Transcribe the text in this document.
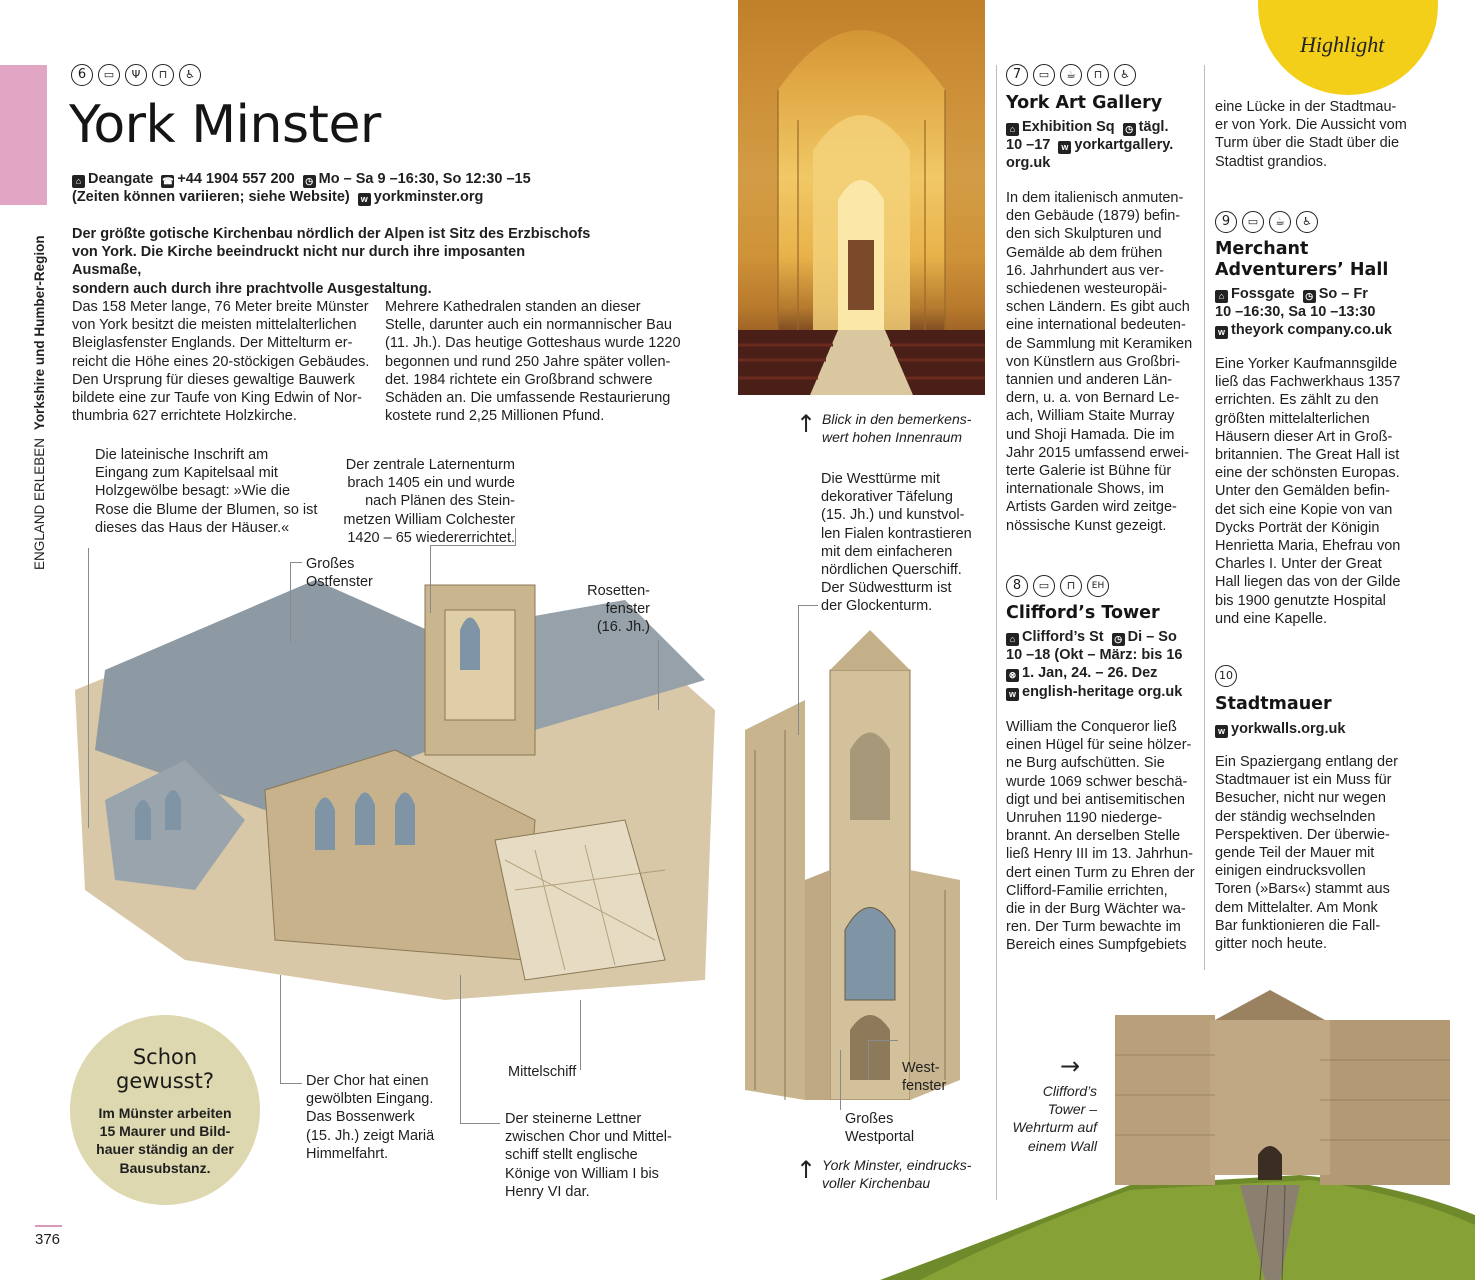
ENGLAND ERLEBEN Yorkshire und Humber-Region
376
Highlight
6	▭	Ψ	⊓	♿
York Minster
⌂ Deangate ☎ +44 1904 557 200 ◷ Mo – Sa 9 –16:30, So 12:30 –15
(Zeiten können variieren; siehe Website) w yorkminster.org
Der größte gotische Kirchenbau nördlich der Alpen ist Sitz des Erzbischofs
von York. Die Kirche beeindruckt nicht nur durch ihre imposanten Ausmaße,
sondern auch durch ihre prachtvolle Ausgestaltung.
Das 158 Meter lange, 76 Meter breite Münster
von York besitzt die meisten mittelalterlichen
Bleiglasfenster Englands. Der Mittelturm er-
reicht die Höhe eines 20-stöckigen Gebäudes.
Den Ursprung für dieses gewaltige Bauwerk
bildete eine zur Taufe von King Edwin of Nor-
thumbria 627 errichtete Holzkirche.
Mehrere Kathedralen standen an dieser
Stelle, darunter auch ein normannischer Bau
(11. Jh.). Das heutige Gotteshaus wurde 1220
begonnen und rund 250 Jahre später vollen-
det. 1984 richtete ein Großbrand schwere
Schäden an. Die umfassende Restaurierung
kostete rund 2,25 Millionen Pfund.	↑ Blick in den bemerkens-
wert hohen Innenraum
Die lateinische Inschrift am
Eingang zum Kapitelsaal mit
Holzgewölbe besagt: »Wie die
Rose die Blume der Blumen, so ist
dieses das Haus der Häuser.«
Der zentrale Laternenturm
brach 1405 ein und wurde
nach Plänen des Stein-
metzen William Colchester
1420 – 65 wiedererrichtet.
Großes
Ostfenster
Rosetten-
fenster
(16. Jh.)
Die Westtürme mit
dekorativer Täfelung
(15. Jh.) und kunstvol-
len Fialen kontrastieren
mit dem einfacheren
nördlichen Querschiff.
Der Südwestturm ist
der Glockenturm.
Der Chor hat einen
gewölbten Eingang.
Das Bossenwerk
(15. Jh.) zeigt Mariä
Himmelfahrt.
Mittelschiff
Der steinerne Lettner
zwischen Chor und Mittel-
schiff stellt englische
Könige von William I bis
Henry VI dar.
West-
fenster
Großes
Westportal
↑ York Minster, eindrucks-
voller Kirchenbau
Schon
gewusst?
Im Münster arbeiten
15 Maurer und Bild-
hauer ständig an der
Bausubstanz.
7	▭	☕	⊓	♿
York Art Gallery
⌂ Exhibition Sq ◷ tägl.
10 –17 w yorkartgallery.
org.uk
In dem italienisch anmuten-
den Gebäude (1879) befin-
den sich Skulpturen und
Gemälde ab dem frühen
16. Jahrhundert aus ver-
schiedenen westeuropäi-
schen Ländern. Es gibt auch
eine international bedeuten-
de Sammlung mit Keramiken
von Künstlern aus Großbri-
tannien und anderen Län-
dern, u. a. von Bernard Le-
ach, William Staite Murray
und Shoji Hamada. Die im
Jahr 2015 umfassend erwei-
terte Galerie ist Bühne für
internationale Shows, im
Artists Garden wird zeitge-
nössische Kunst gezeigt.
8	▭	⊓	EH
Clifford’s Tower
⌂ Clifford’s St ◷ Di – So
10 –18 (Okt – März: bis 16
⊗ 1. Jan, 24. – 26. Dez
w english-heritage org.uk
William the Conqueror ließ
einen Hügel für seine hölzer-
ne Burg aufschütten. Sie
wurde 1069 schwer beschä-
digt und bei antisemitischen
Unruhen 1190 niederge-
brannt. An derselben Stelle
ließ Henry III im 13. Jahrhun-
dert einen Turm zu Ehren der
Clifford-Familie errichten,
die in der Burg Wächter wa-
ren. Der Turm bewachte im
Bereich eines Sumpfgebiets
eine Lücke in der Stadtmau-
er von York. Die Aussicht vom
Turm über die Stadt über die
Stadtist grandios.
9	▭	☕	♿
Merchant
Adventurers’ Hall
⌂ Fossgate ◷ So – Fr
10 –16:30, Sa 10 –13:30
w theyork company.co.uk
Eine Yorker Kaufmannsgilde
ließ das Fachwerkhaus 1357
errichten. Es zählt zu den
größten mittelalterlichen
Häusern dieser Art in Groß-
britannien. The Great Hall ist
eine der schönsten Europas.
Unter den Gemälden befin-
det sich eine Kopie von van
Dycks Porträt der Königin
Henrietta Maria, Ehefrau von
Charles I. Unter der Great
Hall liegen das von der Gilde
bis 1900 genutzte Hospital
und eine Kapelle.
10
Stadtmauer
w yorkwalls.org.uk
Ein Spaziergang entlang der
Stadtmauer ist ein Muss für
Besucher, nicht nur wegen
der ständig wechselnden
Perspektiven. Der überwie-
gende Teil der Mauer mit
einigen eindrucksvollen
Toren (»Bars«) stammt aus
dem Mittelalter. Am Monk
Bar funktionieren die Fall-
gitter noch heute.
→
Clifford’s
Tower –
Wehrturm auf
einem Wall
